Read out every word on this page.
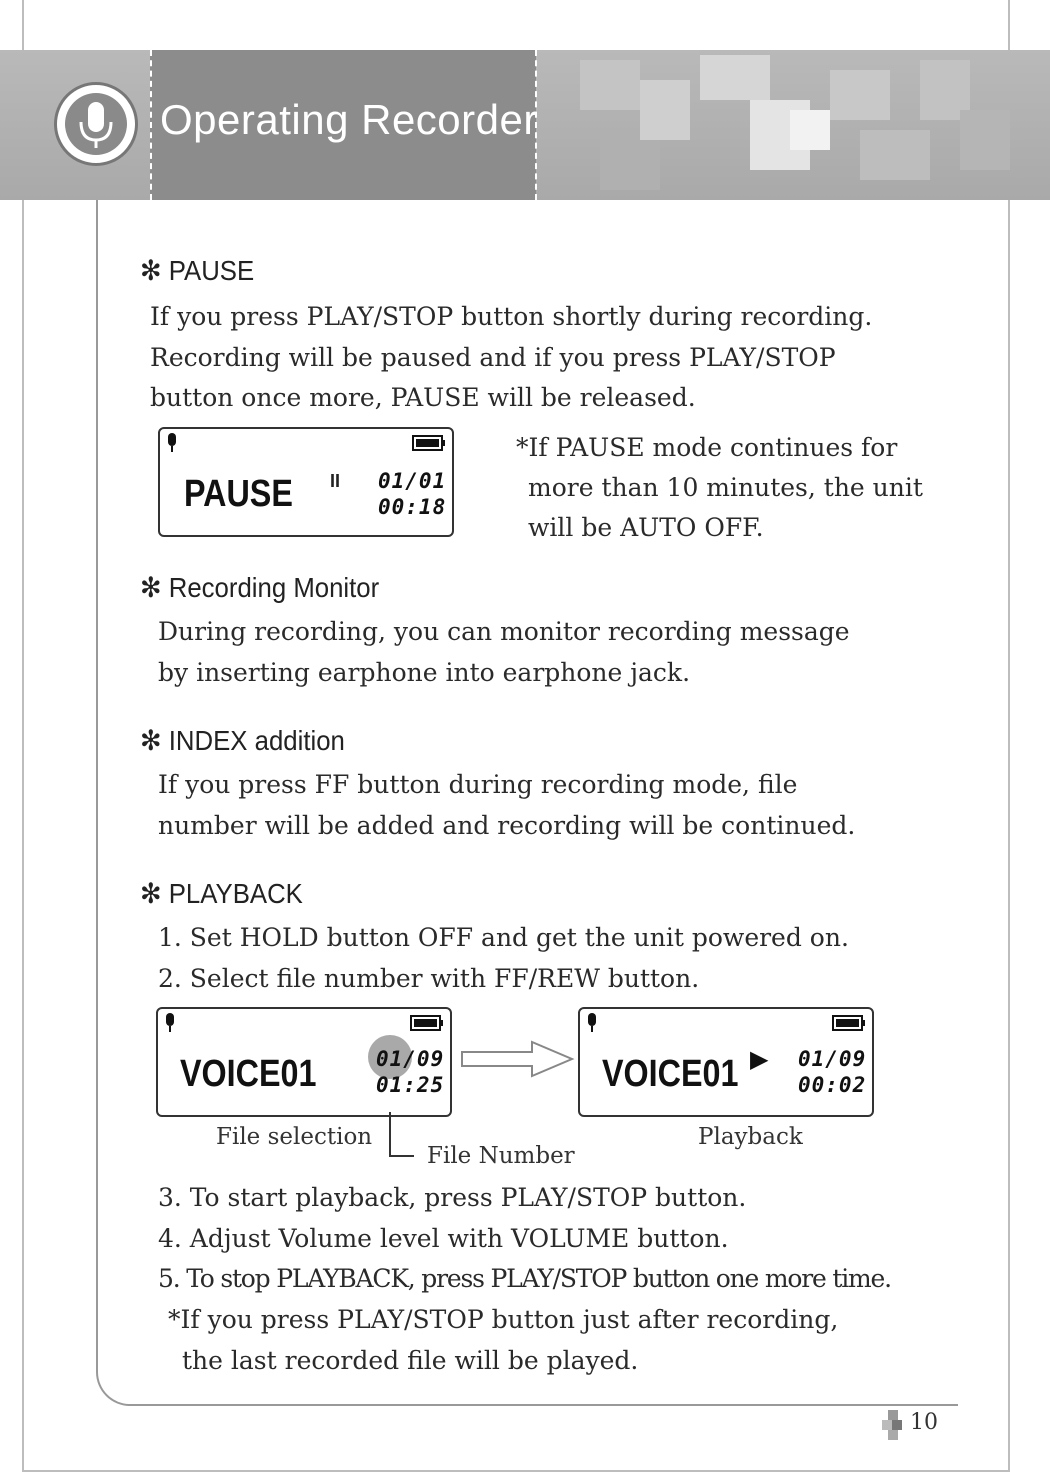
Operating Recorder
✻ PAUSE
If you press PLAY/STOP button shortly during recording.
Recording will be paused and if you press PLAY/STOP
button once more, PAUSE will be released.
PAUSE II 01/01
00:18
*If PAUSE mode continues for
more than 10 minutes, the unit
will be AUTO OFF.
✻ Recording Monitor
During recording, you can monitor recording message
by inserting earphone into earphone jack.
✻ INDEX addition
If you press FF button during recording mode, file
number will be added and recording will be continued.
✻ PLAYBACK
1. Set HOLD button OFF and get the unit powered on.
2. Select file number with FF/REW button.
VOICE01	01/09
01:25	VOICE01 ▶ 01/09
00:02
File selection
File Number
Playback
3. To start playback, press PLAY/STOP button.
4. Adjust Volume level with VOLUME button.
5. To stop PLAYBACK, press PLAY/STOP button one more time.
*If you press PLAY/STOP button just after recording,
the last recorded file will be played.
10
